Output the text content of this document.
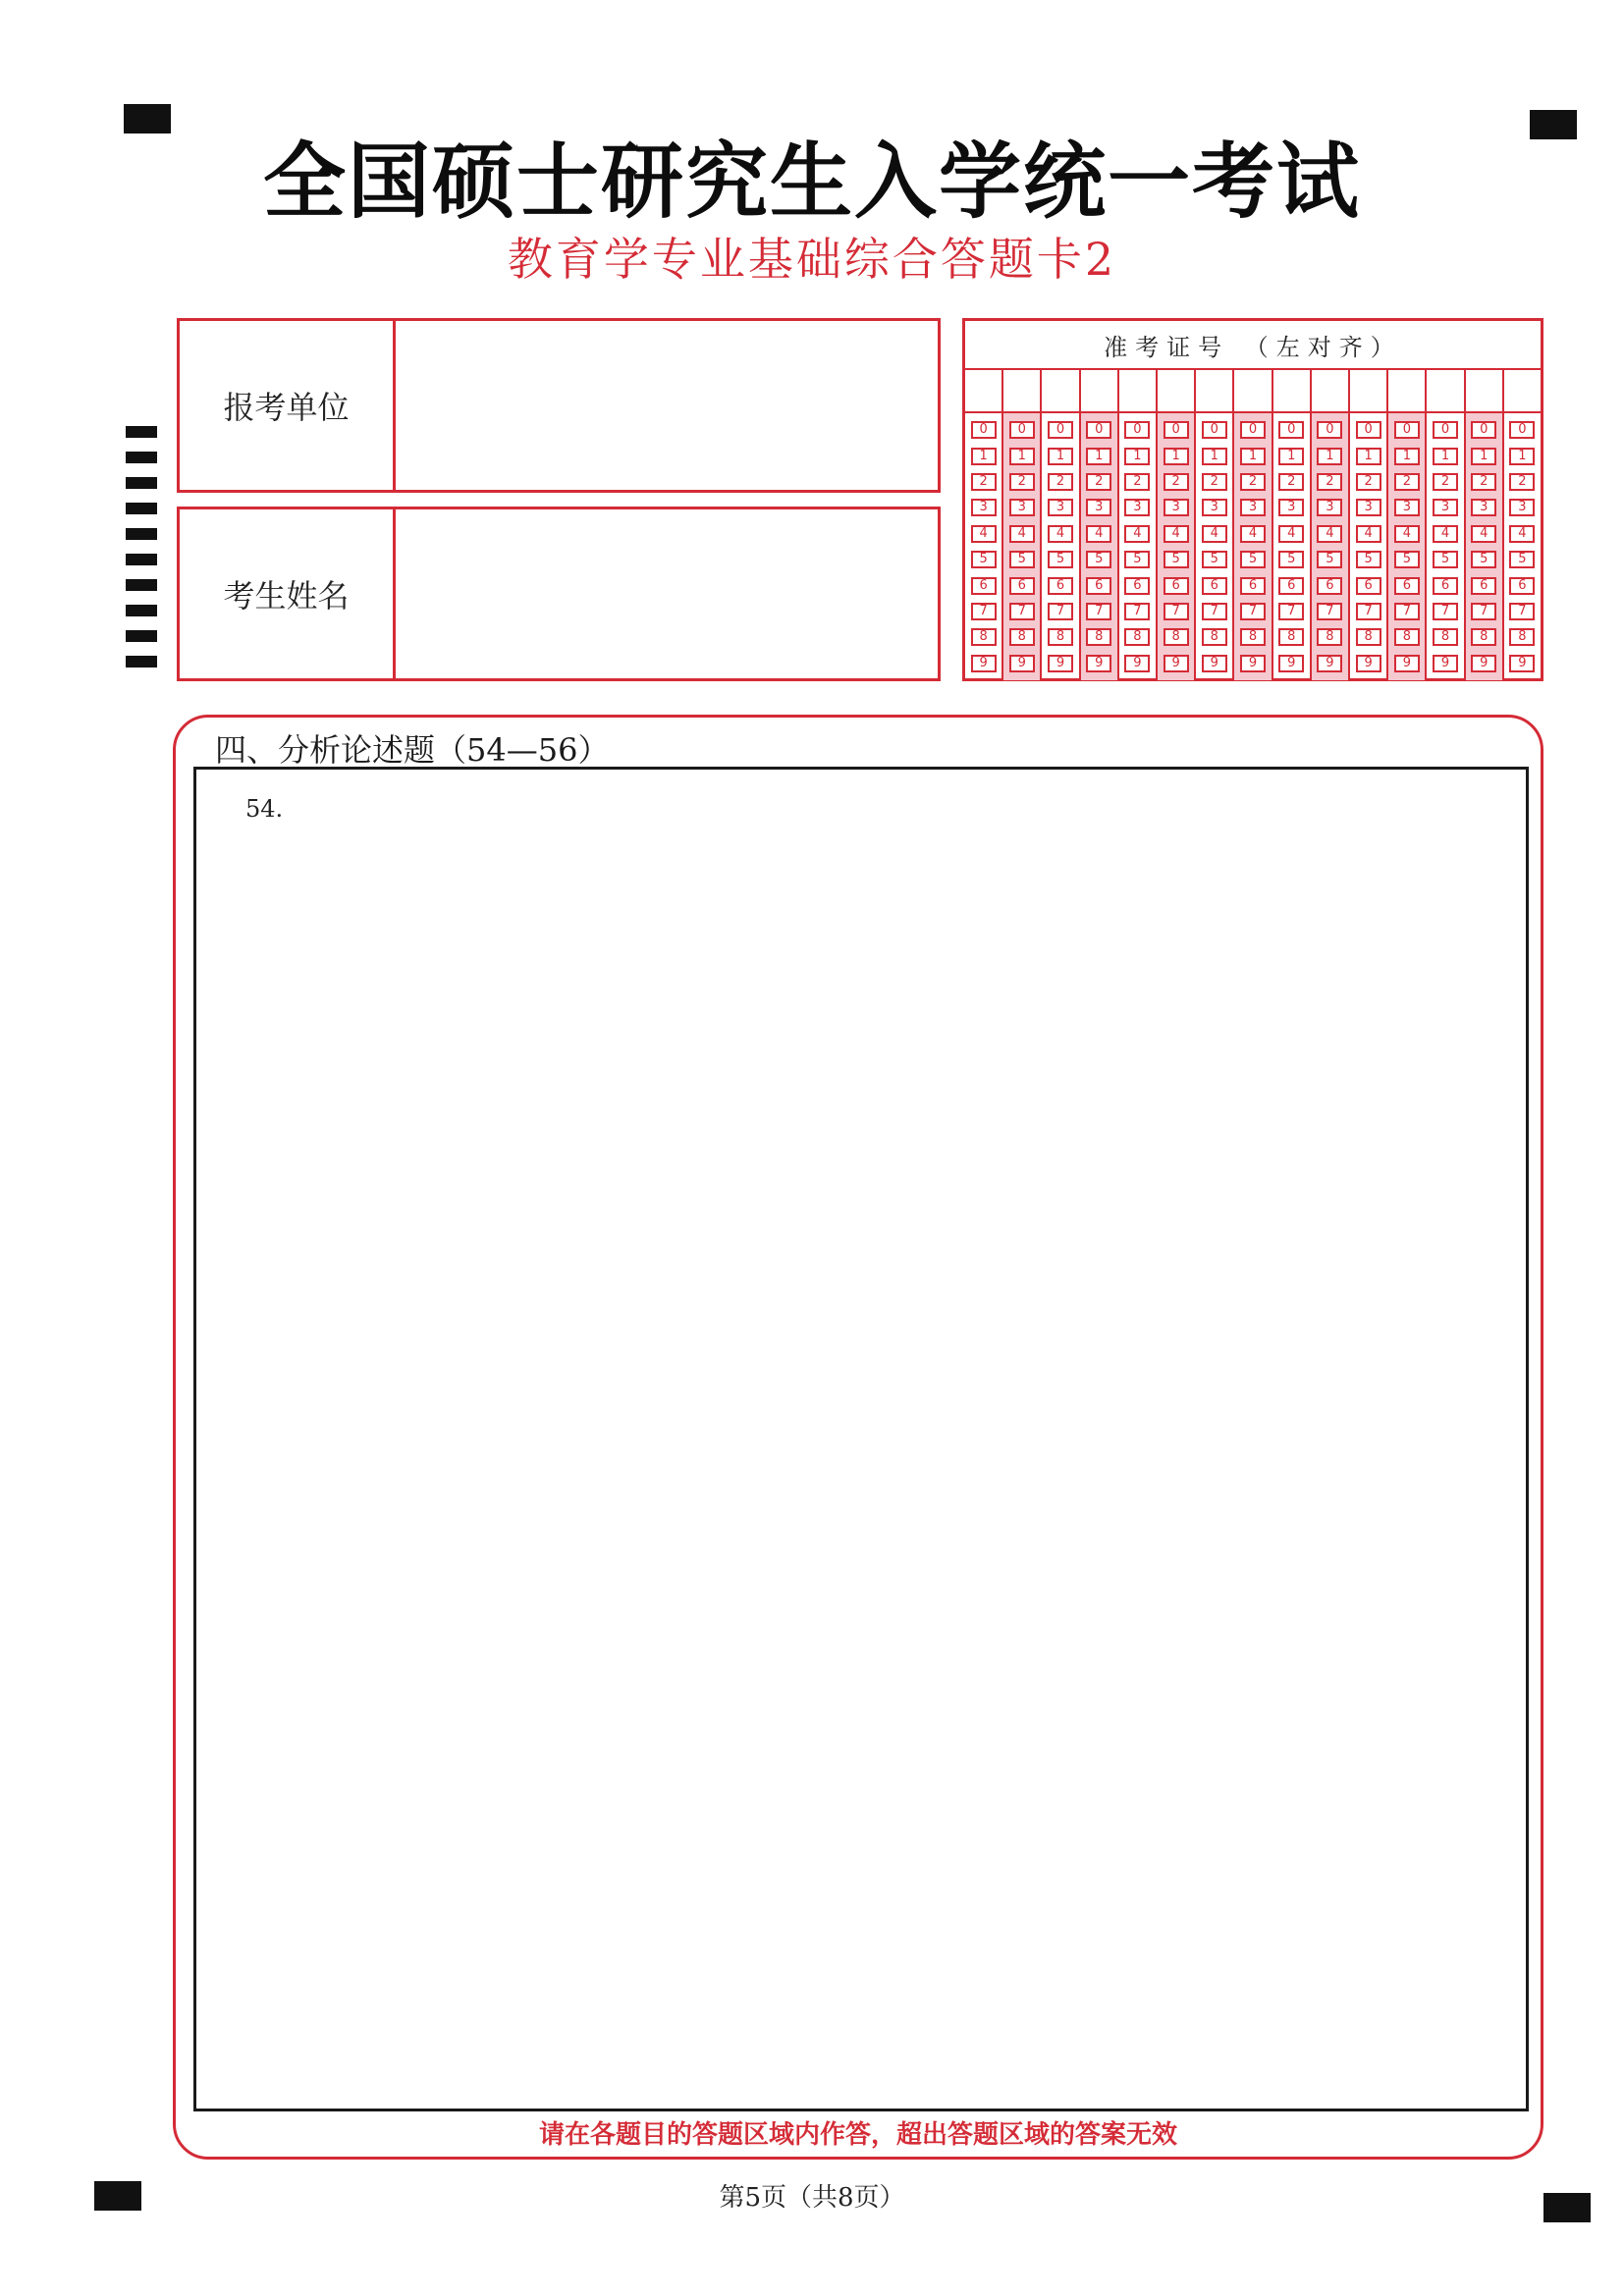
全国硕士研究生入学统一考试
教育学专业基础综合答题卡2
报考单位
考生姓名
准考证号 （左对齐）
0
1
2
3
4
5
6
7
8
9
0
1
2
3
4
5
6
7
8
9
0
1
2
3
4
5
6
7
8
9
0
1
2
3
4
5
6
7
8
9
0
1
2
3
4
5
6
7
8
9
0
1
2
3
4
5
6
7
8
9
0
1
2
3
4
5
6
7
8
9
0
1
2
3
4
5
6
7
8
9
0
1
2
3
4
5
6
7
8
9
0
1
2
3
4
5
6
7
8
9
0
1
2
3
4
5
6
7
8
9
0
1
2
3
4
5
6
7
8
9
0
1
2
3
4
5
6
7
8
9
0
1
2
3
4
5
6
7
8
9
0
1
2
3
4
5
6
7
8
9
四、分析论述题（54—56）
54.
请在各题目的答题区域内作答，超出答题区域的答案无效
第5页（共8页）
